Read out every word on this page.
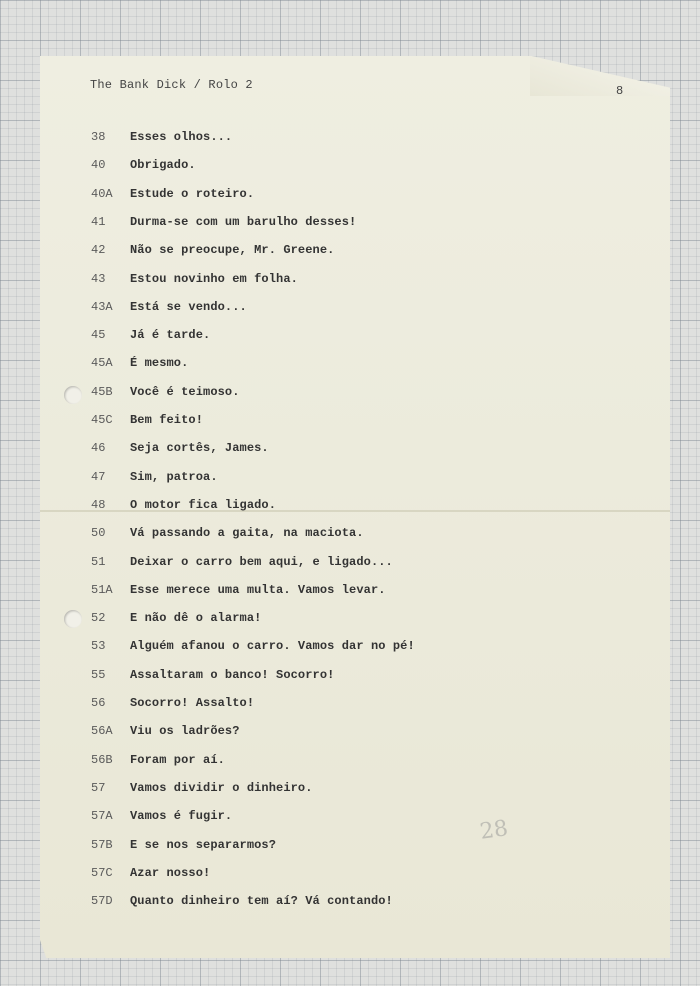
The Bank Dick / Rolo 2	8
38 Esses olhos...
40 Obrigado.
40A Estude o roteiro.
41 Durma-se com um barulho desses!
42 Não se preocupe, Mr. Greene.
43 Estou novinho em folha.
43A Está se vendo...
45 Já é tarde.
45A É mesmo.
45B Você é teimoso.
45C Bem feito!
46 Seja cortês, James.
47 Sim, patroa.
48 O motor fica ligado.
50 Vá passando a gaita, na maciota.
51 Deixar o carro bem aqui, e ligado...
51A Esse merece uma multa. Vamos levar.
52 E não dê o alarma!
53 Alguém afanou o carro. Vamos dar no pé!
55 Assaltaram o banco! Socorro!
56 Socorro! Assalto!
56A Viu os ladrões?
56B Foram por aí.
57 Vamos dividir o dinheiro.
57A Vamos é fugir.
57B E se nos separarmos?
57C Azar nosso!
57D Quanto dinheiro tem aí? Vá contando!
28
